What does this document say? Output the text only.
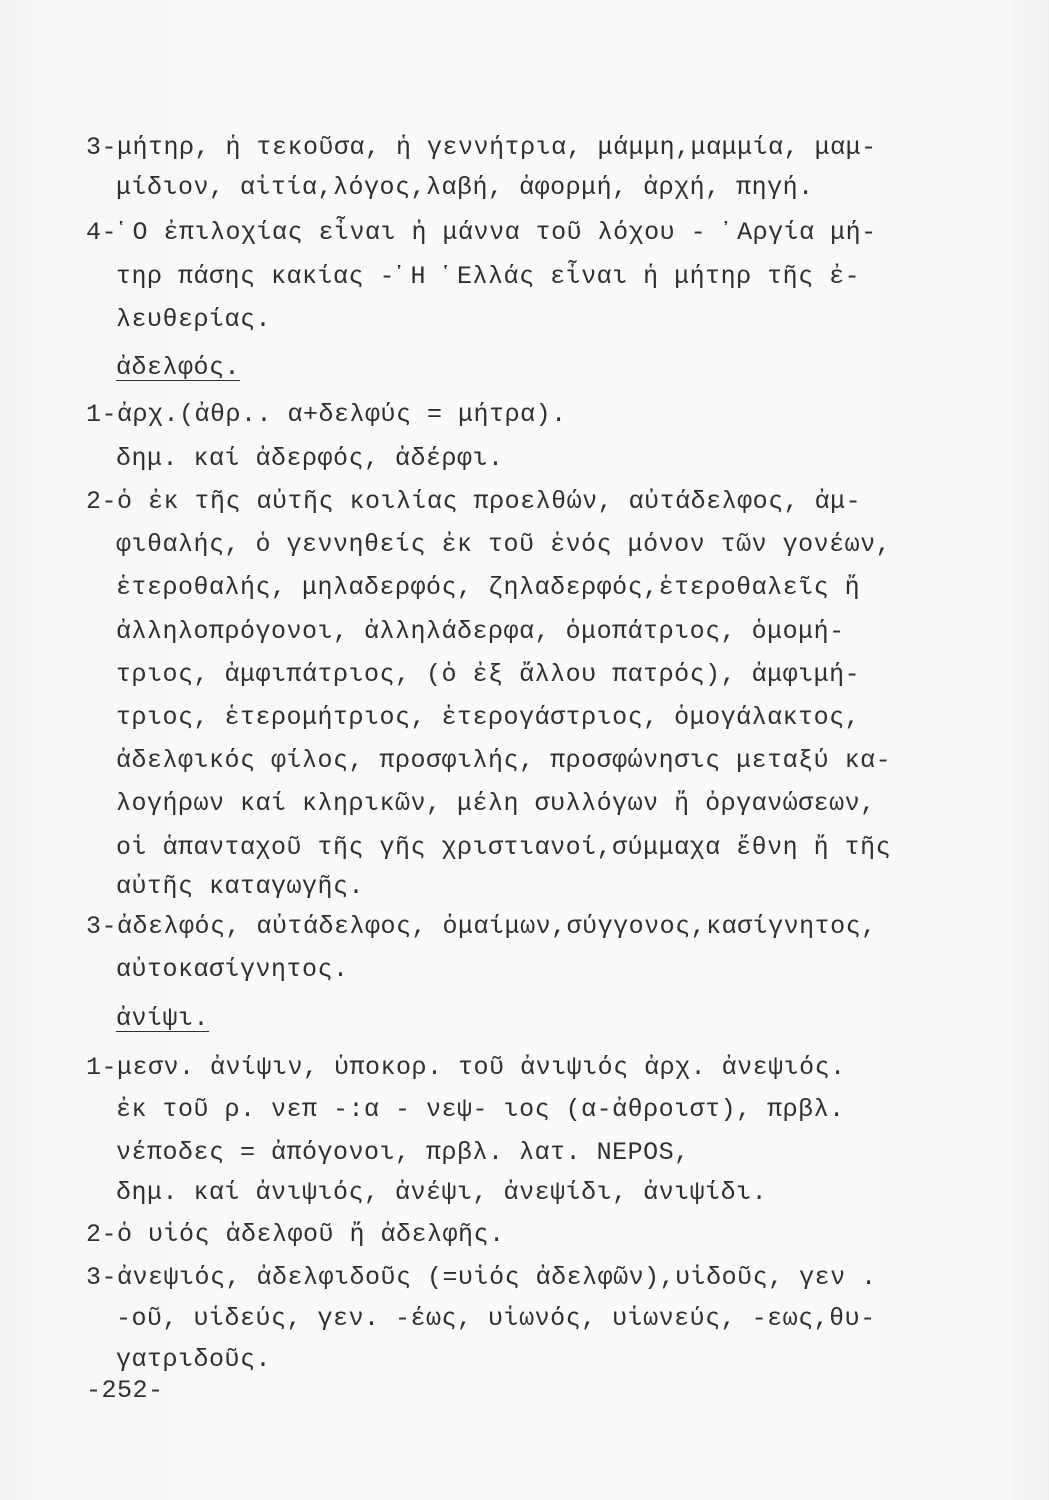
3-μήτηρ, ἡ τεκοῦσα, ἡ γεννήτρια, μάμμη,μαμμία, μαμ-
μίδιον, αἰτία,λόγος,λαβή, ἀφορμή, ἀρχή, πηγή.
4-῾Ο ἐπιλοχίας εἶναι ἡ μάννα τοῦ λόχου - ᾿Αργία μή-
τηρ πάσης κακίας -῾Η ῾Ελλάς εἶναι ἡ μήτηρ τῆς ἐ-
λευθερίας.
ἀδελφός.
1-ἀρχ.(ἀθρ.. α+δελφύς = μήτρα).
δημ. καί ἀδερφός, ἀδέρφι.
2-ὁ ἐκ τῆς αὐτῆς κοιλίας προελθών, αὐτάδελφος, ἀμ-
φιθαλής, ὁ γεννηθείς ἐκ τοῦ ἑνός μόνον τῶν γονέων,
ἑτεροθαλής, μηλαδερφός, ζηλαδερφός,ἑτεροθαλεῖς ἤ
ἀλληλοπρόγονοι, ἀλληλάδερφα, ὁμοπάτριος, ὁμομή-
τριος, ἀμφιπάτριος, (ὁ ἐξ ἄλλου πατρός), ἀμφιμή-
τριος, ἑτερομήτριος, ἑτερογάστριος, ὁμογάλακτος,
ἀδελφικός φίλος, προσφιλής, προσφώνησις μεταξύ κα-
λογήρων καί κληρικῶν, μέλη συλλόγων ἤ ὀργανώσεων,
οἱ ἁπανταχοῦ τῆς γῆς χριστιανοί,σύμμαχα ἔθνη ἤ τῆς
αὐτῆς καταγωγῆς.
3-ἀδελφός, αὐτάδελφος, ὁμαίμων,σύγγονος,κασίγνητος,
αὐτοκασίγνητος.
ἀνίψι.
1-μεσν. ἀνίψιν, ὑποκορ. τοῦ ἀνιψιός ἀρχ. ἀνεψιός.
ἐκ τοῦ ρ. νεπ -:α - νεψ- ιος (α-ἀθροιστ), πρβλ.
νέποδες = ἀπόγονοι, πρβλ. λατ. NEPOS,
δημ. καί ἀνιψιός, ἀνέψι, ἀνεψίδι, ἀνιψίδι.
2-ὁ υἱός ἀδελφοῦ ἤ ἀδελφῆς.
3-ἀνεψιός, ἀδελφιδοῦς (=υἱός ἀδελφῶν),υἱδοῦς, γεν .
-οῦ, υἱδεύς, γεν. -έως, υἱωνός, υἱωνεύς, -εως,θυ-
γατριδοῦς.
-252-
